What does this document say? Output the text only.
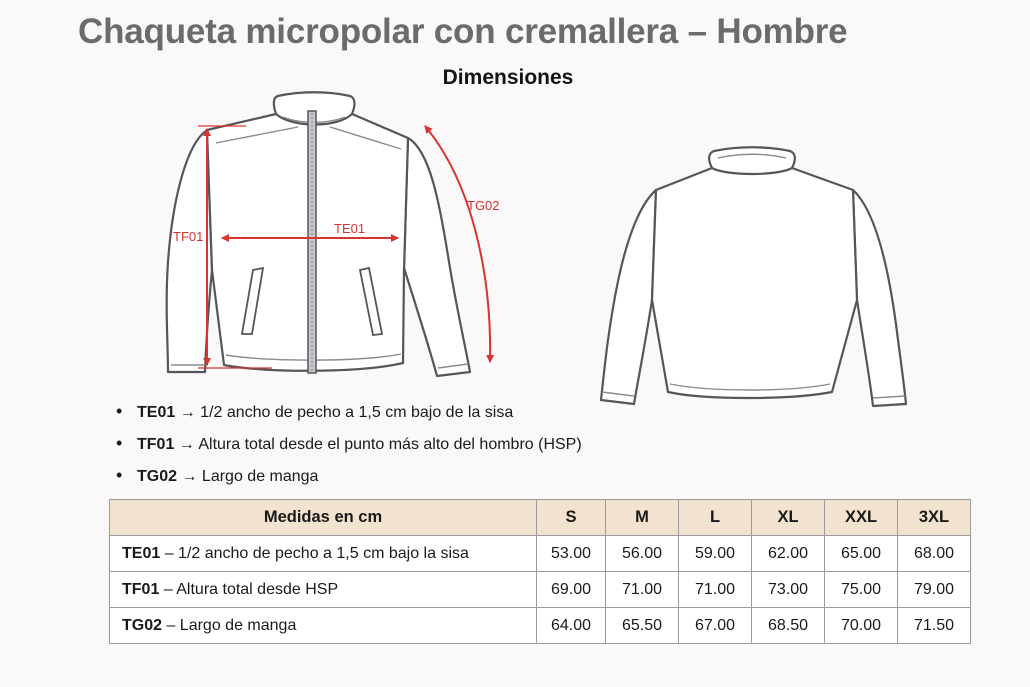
Chaqueta micropolar con cremallera – Hombre
Dimensiones
TF01
TE01
TG02
• TE01 → 1/2 ancho de pecho a 1,5 cm bajo de la sisa
• TF01 → Altura total desde el punto más alto del hombro (HSP)
• TG02 → Largo de manga
Medidas en cm	S	M	L	XL	XXL	3XL
TE01 – 1/2 ancho de pecho a 1,5 cm bajo la sisa	53.00	56.00	59.00	62.00	65.00	68.00
TF01 – Altura total desde HSP	69.00	71.00	71.00	73.00	75.00	79.00
TG02 – Largo de manga	64.00	65.50	67.00	68.50	70.00	71.50
